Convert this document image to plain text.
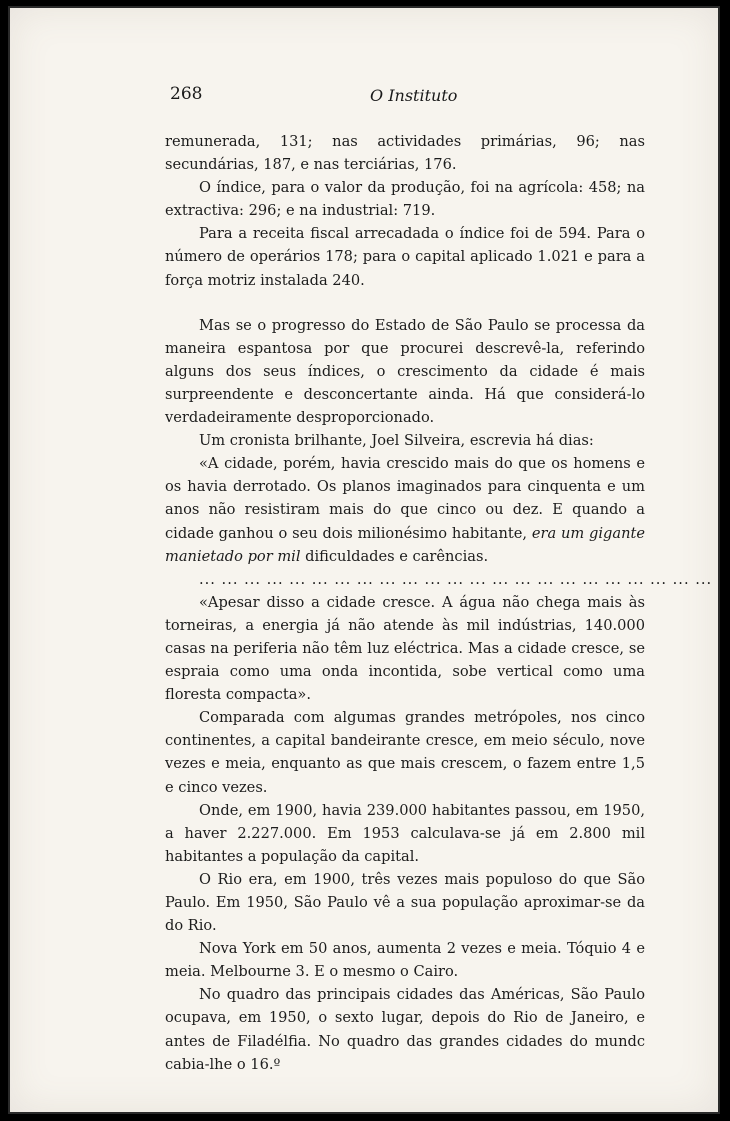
268	O Instituto

remunerada, 131; nas actividades primárias, 96; nas secundárias, 187, e nas terciárias, 176.

O índice, para o valor da produção, foi na agrícola: 458; na extractiva: 296; e na industrial: 719.

Para a receita fiscal arrecadada o índice foi de 594. Para o número de operários 178; para o capital aplicado 1.021 e para a força motriz instalada 240.

Mas se o progresso do Estado de São Paulo se processa da maneira espantosa por que procurei descrevê-la, referindo alguns dos seus índices, o crescimento da cidade é mais surpreendente e desconcertante ainda. Há que considerá-lo verdadeiramente desproporcionado.

Um cronista brilhante, Joel Silveira, escrevia há dias:

«A cidade, porém, havia crescido mais do que os homens e os havia derrotado. Os planos imaginados para cinquenta e um anos não resistiram mais do que cinco ou dez. E quando a cidade ganhou o seu dois milionésimo habitante, era um gigante manietado por mil dificuldades e carências.

... ... ... ... ... ... ... ... ... ... ... ... ... ... ... ... ... ... ... ... ... ... ...

«Apesar disso a cidade cresce. A água não chega mais às torneiras, a energia já não atende às mil indústrias, 140.000 casas na periferia não têm luz eléctrica. Mas a cidade cresce, se espraia como uma onda incontida, sobe vertical como uma floresta compacta».

Comparada com algumas grandes metrópoles, nos cinco continentes, a capital bandeirante cresce, em meio século, nove vezes e meia, enquanto as que mais crescem, o fazem entre 1,5 e cinco vezes.

Onde, em 1900, havia 239.000 habitantes passou, em 1950, a haver 2.227.000. Em 1953 calculava-se já em 2.800 mil habitantes a população da capital.

O Rio era, em 1900, três vezes mais populoso do que São Paulo. Em 1950, São Paulo vê a sua população aproximar-se da do Rio.

Nova York em 50 anos, aumenta 2 vezes e meia. Tóquio 4 e meia. Melbourne 3. E o mesmo o Cairo.

No quadro das principais cidades das Américas, São Paulo ocupava, em 1950, o sexto lugar, depois do Rio de Janeiro, e antes de Filadélfia. No quadro das grandes cidades do mundc cabia-lhe o 16.º
